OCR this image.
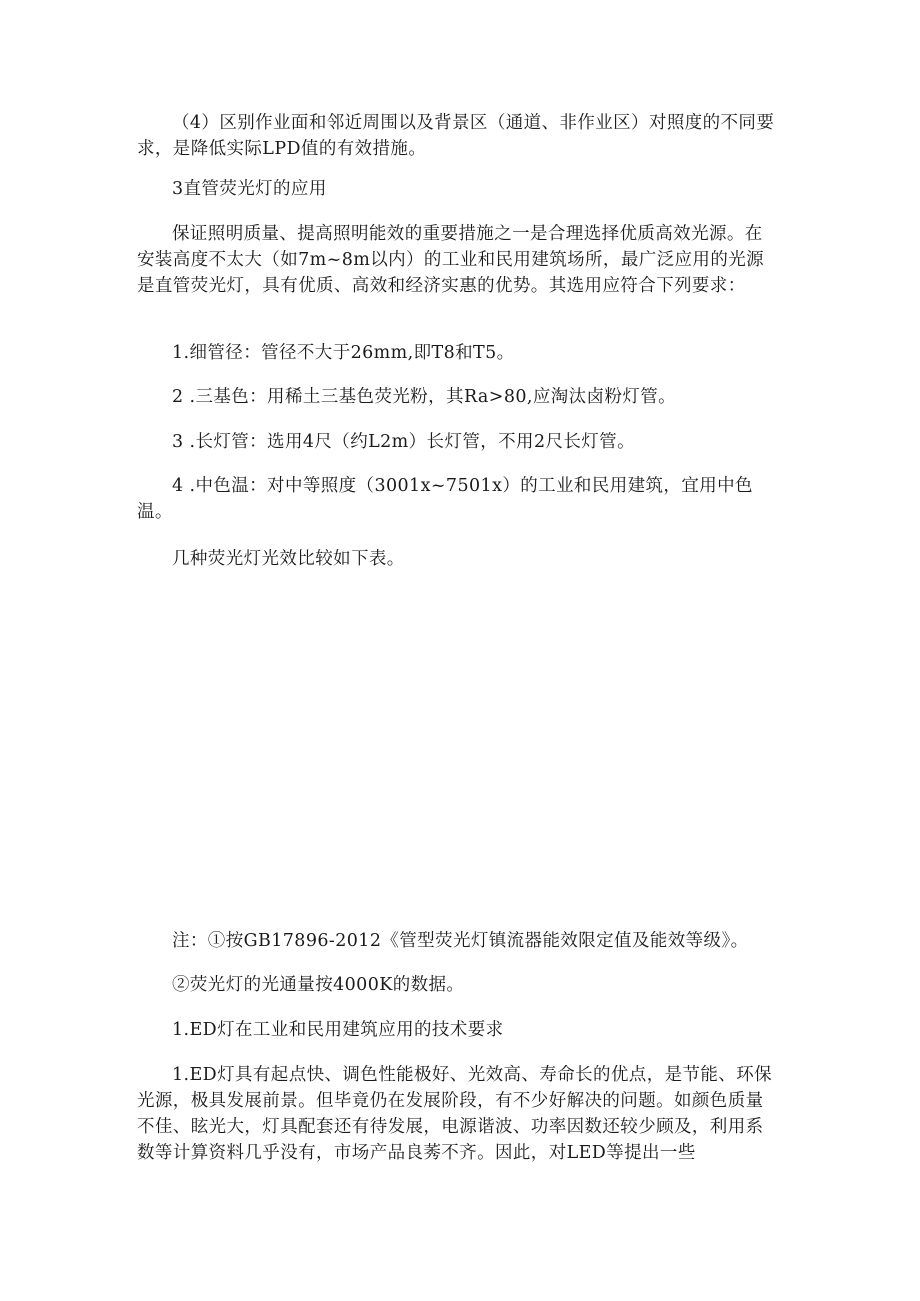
（4）区别作业面和邻近周围以及背景区（通道、非作业区）对照度的不同要求，是降低实际LPD值的有效措施。

3直管荧光灯的应用

保证照明质量、提高照明能效的重要措施之一是合理选择优质高效光源。在安装高度不太大（如7m~8m以内）的工业和民用建筑场所，最广泛应用的光源是直管荧光灯，具有优质、高效和经济实惠的优势。其选用应符合下列要求：

1.细管径：管径不大于26mm,即T8和T5。

2 .三基色：用稀土三基色荧光粉，其Ra>80,应淘汰卤粉灯管。

3 .长灯管：选用4尺（约L2m）长灯管，不用2尺长灯管。

4 .中色温：对中等照度（3001x~7501x）的工业和民用建筑，宜用中色温。

几种荧光灯光效比较如下表。

注：①按GB17896-2012《管型荧光灯镇流器能效限定值及能效等级》。

②荧光灯的光通量按4000K的数据。

1.ED灯在工业和民用建筑应用的技术要求

1.ED灯具有起点快、调色性能极好、光效高、寿命长的优点，是节能、环保光源，极具发展前景。但毕竟仍在发展阶段，有不少好解决的问题。如颜色质量不佳、眩光大，灯具配套还有待发展，电源谐波、功率因数还较少顾及，利用系数等计算资料几乎没有，市场产品良莠不齐。因此，对LED等提出一些
